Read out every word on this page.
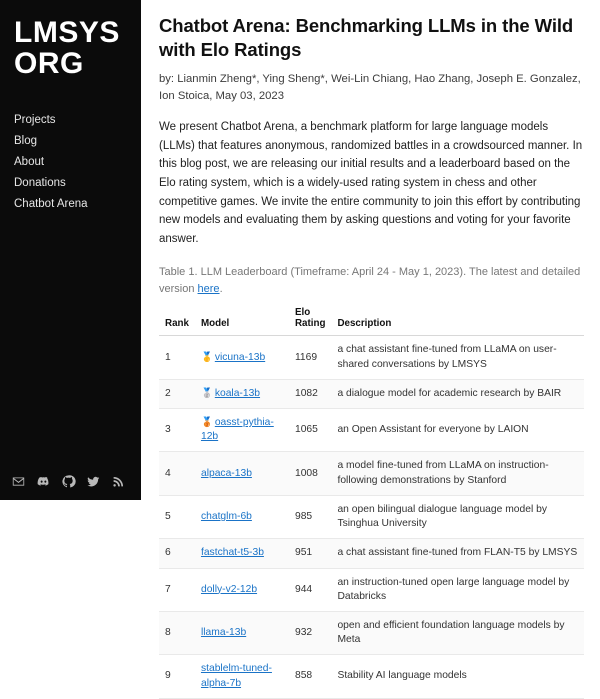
LMSYS
ORG
Projects
Blog
About
Donations
Chatbot Arena
Chatbot Arena: Benchmarking LLMs in the Wild with Elo Ratings
by: Lianmin Zheng*, Ying Sheng*, Wei-Lin Chiang, Hao Zhang, Joseph E. Gonzalez, Ion Stoica, May 03, 2023

We present Chatbot Arena, a benchmark platform for large language models (LLMs) that features anonymous, randomized battles in a crowdsourced manner. In this blog post, we are releasing our initial results and a leaderboard based on the Elo rating system, which is a widely-used rating system in chess and other competitive games. We invite the entire community to join this effort by contributing new models and evaluating them by asking questions and voting for your favorite answer.

Table 1. LLM Leaderboard (Timeframe: April 24 - May 1, 2023). The latest and detailed version here.
Rank	Model	Elo Rating	Description
1	🥇 vicuna-13b	1169	a chat assistant fine-tuned from LLaMA on user-shared conversations by LMSYS
2	🥈 koala-13b	1082	a dialogue model for academic research by BAIR
3	🥉 oasst-pythia-12b	1065	an Open Assistant for everyone by LAION
4	alpaca-13b	1008	a model fine-tuned from LLaMA on instruction-following demonstrations by Stanford
5	chatglm-6b	985	an open bilingual dialogue language model by Tsinghua University
6	fastchat-t5-3b	951	a chat assistant fine-tuned from FLAN-T5 by LMSYS
7	dolly-v2-12b	944	an instruction-tuned open large language model by Databricks
8	llama-13b	932	open and efficient foundation language models by Meta
9	stablelm-tuned-alpha-7b	858	Stability AI language models
